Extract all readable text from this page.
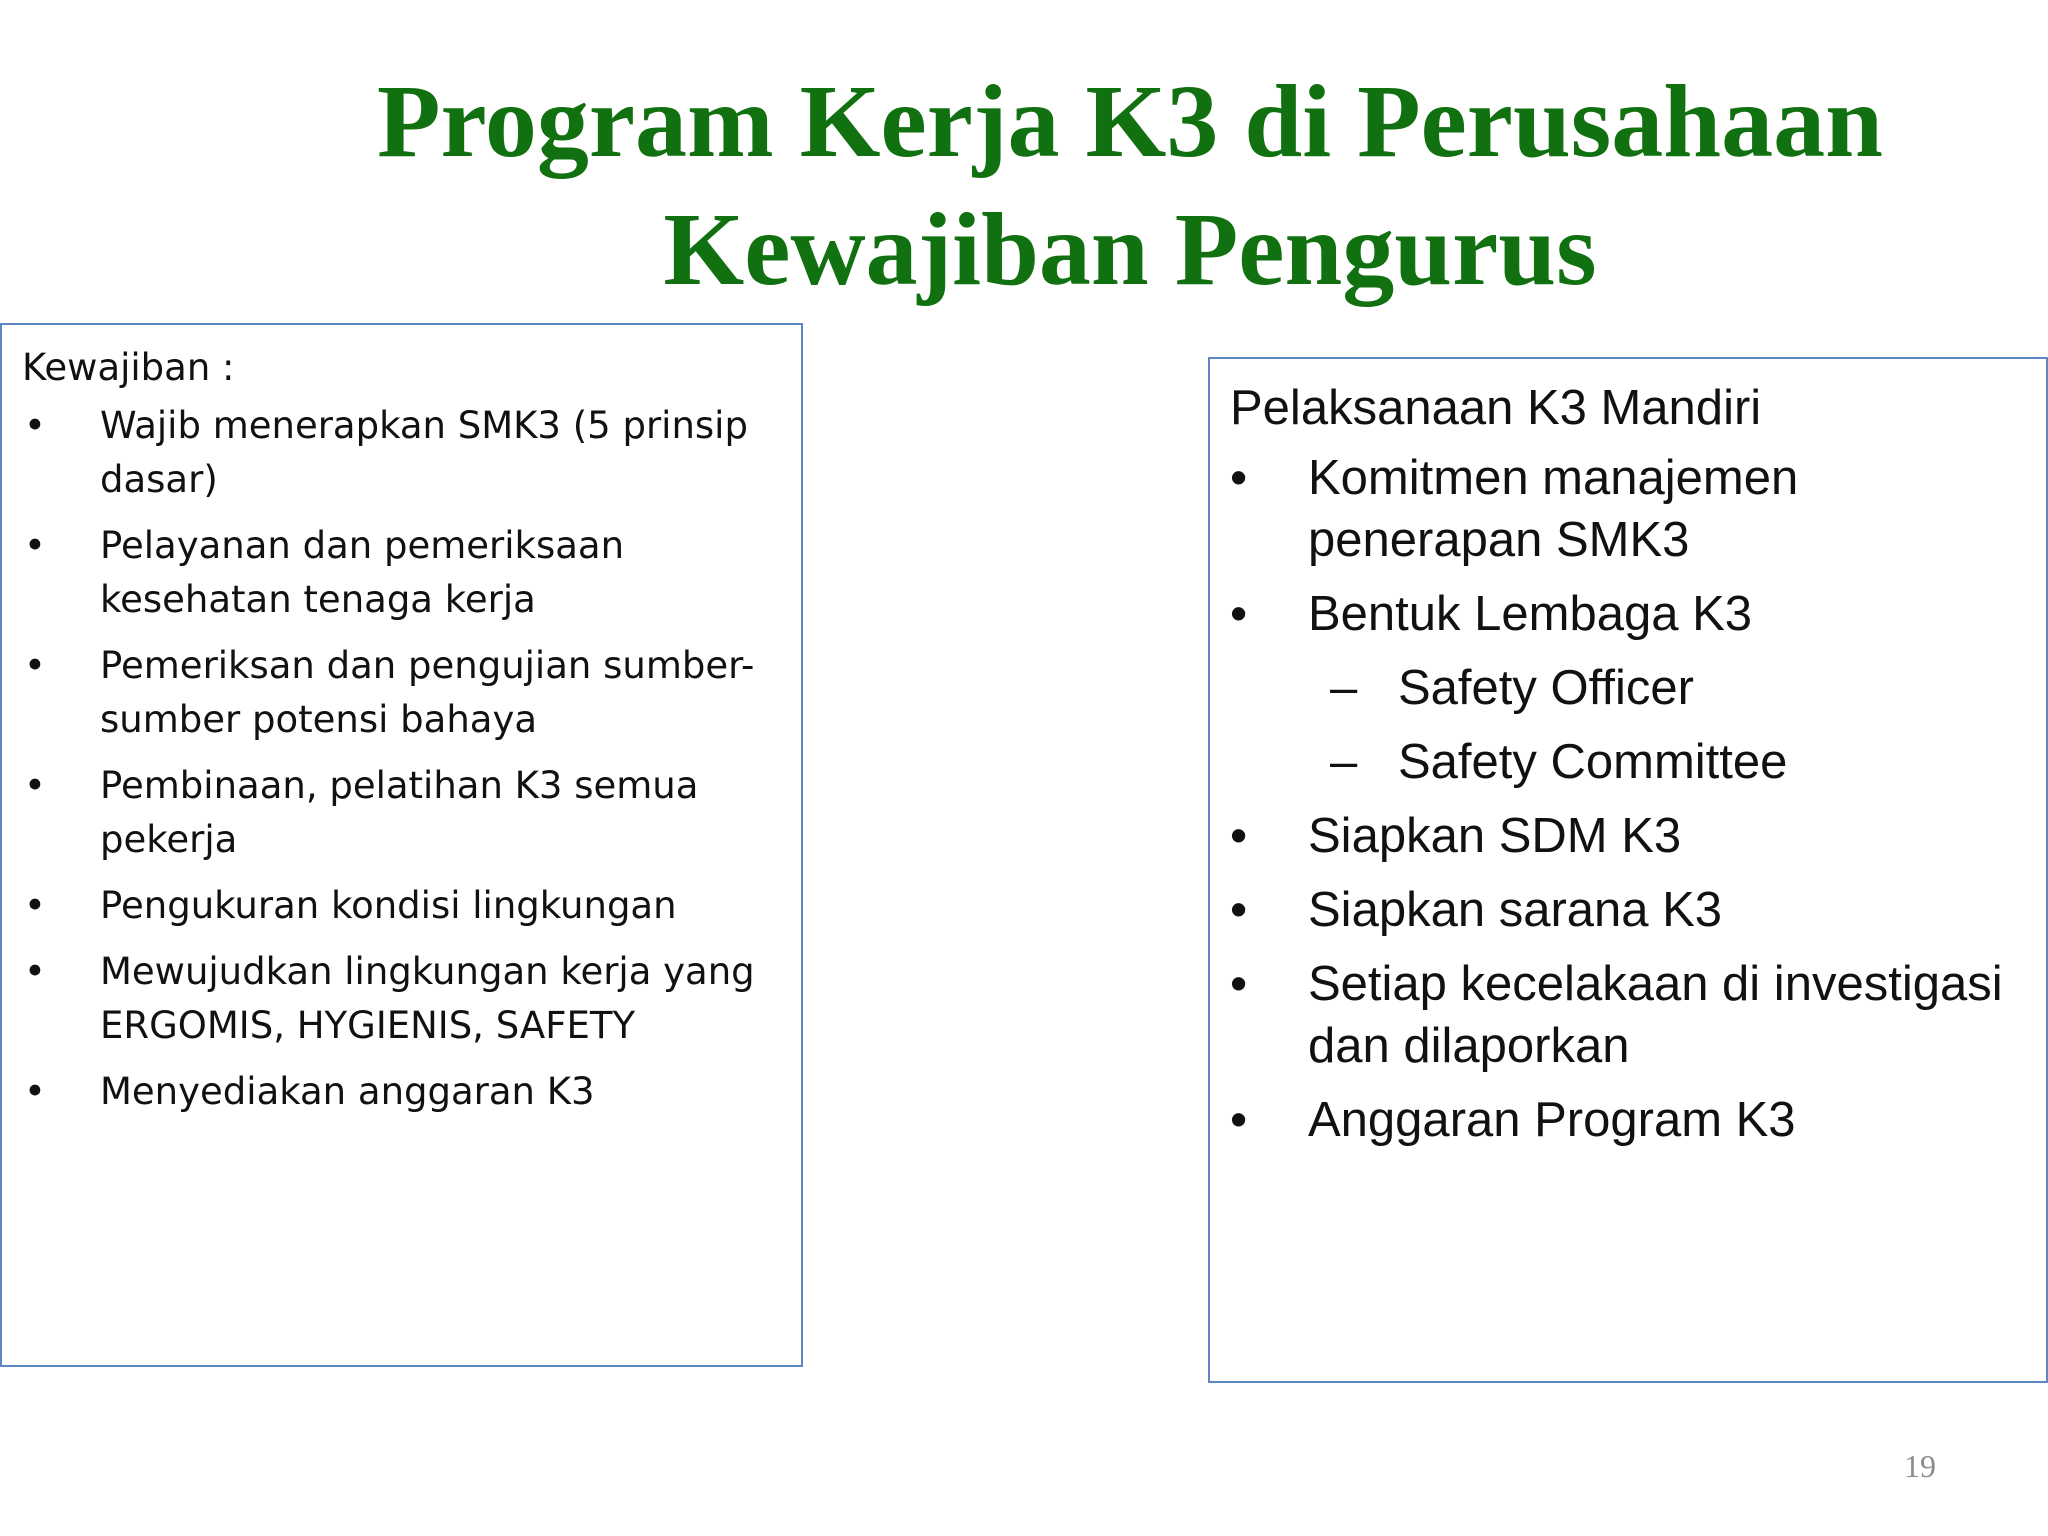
Program Kerja K3 di Perusahaan
Kewajiban Pengurus
Kewajiban :
• Wajib menerapkan SMK3 (5 prinsip dasar)
• Pelayanan dan pemeriksaan kesehatan tenaga kerja
• Pemeriksan dan pengujian sumber-sumber potensi bahaya
• Pembinaan, pelatihan K3 semua pekerja
• Pengukuran kondisi lingkungan
• Mewujudkan lingkungan kerja yang ERGOMIS, HYGIENIS, SAFETY
• Menyediakan anggaran K3
Pelaksanaan K3 Mandiri
• Komitmen manajemen penerapan SMK3
• Bentuk Lembaga K3
– Safety Officer
– Safety Committee
• Siapkan SDM K3
• Siapkan sarana K3
• Setiap kecelakaan di investigasi dan dilaporkan
• Anggaran Program K3
19
